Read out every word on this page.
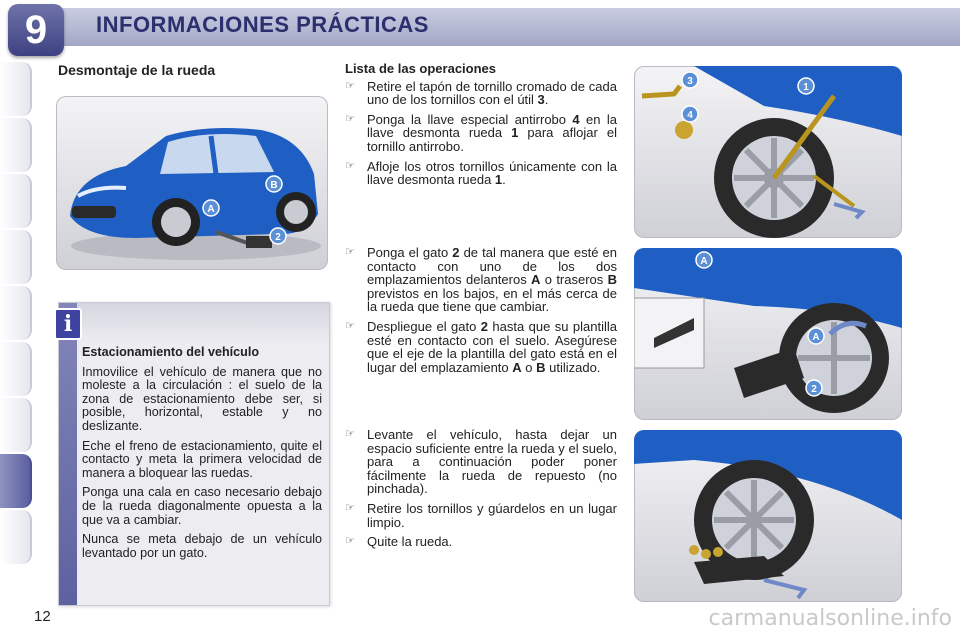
9	INFORMACIONES PRÁCTICAS
Desmontaje de la rueda
A
B
2
3
1
4
A
A
2
i
Estacionamiento del vehículo

Inmovilice el vehículo de manera que no moleste a la circulación : el suelo de la zona de estacionamiento debe ser, si posible, horizontal, estable y no deslizante.

Eche el freno de estacionamiento, quite el contacto y meta la primera velocidad de manera a bloquear las ruedas.

Ponga una cala en caso necesario debajo de la rueda diagonalmente opuesta a la que va a cambiar.

Nunca se meta debajo de un vehículo levantado por un gato.

Lista de las operaciones
☞ Retire el tapón de tornillo cromado de cada uno de los tornillos con el útil 3.
☞ Ponga la llave especial antirrobo 4 en la llave desmonta rueda 1 para aflojar el tornillo antirrobo.
☞ Afloje los otros tornillos únicamente con la llave desmonta rueda 1.
☞ Ponga el gato 2 de tal manera que esté en contacto con uno de los dos emplazamientos delanteros A o traseros B previstos en los bajos, en el más cerca de la rueda que tiene que cambiar.
☞ Despliegue el gato 2 hasta que su plantilla esté en contacto con el suelo. Asegúrese que el eje de la plantilla del gato está en el lugar del emplazamiento A o B utilizado.
☞ Levante el vehículo, hasta dejar un espacio suficiente entre la rueda y el suelo, para a continuación poder poner fácilmente la rueda de repuesto (no pinchada).
☞ Retire los tornillos y gúardelos en un lugar limpio.
☞ Quite la rueda.
12	carmanualsonline.info
